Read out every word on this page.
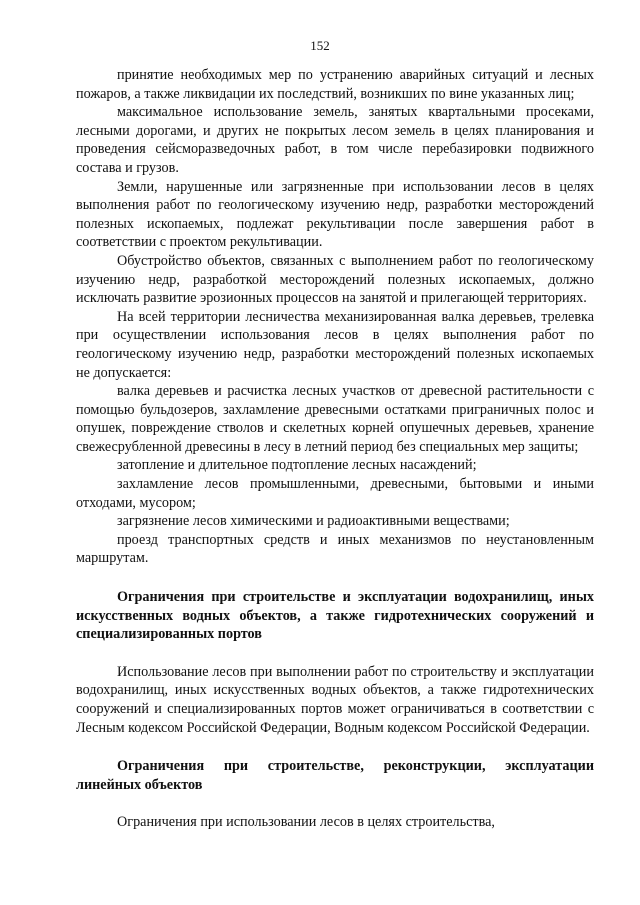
152

принятие необходимых мер по устранению аварийных ситуаций и лесных пожаров, а также ликвидации их последствий, возникших по вине указанных лиц;

максимальное использование земель, занятых квартальными просеками, лесными дорогами, и других не покрытых лесом земель в целях планирования и проведения сейсморазведочных работ, в том числе перебазировки подвижного состава и грузов.

Земли, нарушенные или загрязненные при использовании лесов в целях выполнения работ по геологическому изучению недр, разработки месторождений полезных ископаемых, подлежат рекультивации после завершения работ в соответствии с проектом рекультивации.

Обустройство объектов, связанных с выполнением работ по геологическому изучению недр, разработкой месторождений полезных ископаемых, должно исключать развитие эрозионных процессов на занятой и прилегающей территориях.

На всей территории лесничества механизированная валка деревьев, трелевка при осуществлении использования лесов в целях выполнения работ по геологическому изучению недр, разработки месторождений полезных ископаемых не допускается:

валка деревьев и расчистка лесных участков от древесной растительности с помощью бульдозеров, захламление древесными остатками приграничных полос и опушек, повреждение стволов и скелетных корней опушечных деревьев, хранение свежесрубленной древесины в лесу в летний период без специальных мер защиты;

затопление и длительное подтопление лесных насаждений;

захламление лесов промышленными, древесными, бытовыми и иными отходами, мусором;

загрязнение лесов химическими и радиоактивными веществами;

проезд транспортных средств и иных механизмов по неустановленным маршрутам.

Ограничения при строительстве и эксплуатации водохранилищ, иных искусственных водных объектов, а также гидротехнических сооружений и специализированных портов

Использование лесов при выполнении работ по строительству и эксплуатации водохранилищ, иных искусственных водных объектов, а также гидротехнических сооружений и специализированных портов может ограничиваться в соответствии с Лесным кодексом Российской Федерации, Водным кодексом Российской Федерации.

Ограничения при строительстве, реконструкции, эксплуатации линейных объектов

Ограничения при использовании лесов в целях строительства,
